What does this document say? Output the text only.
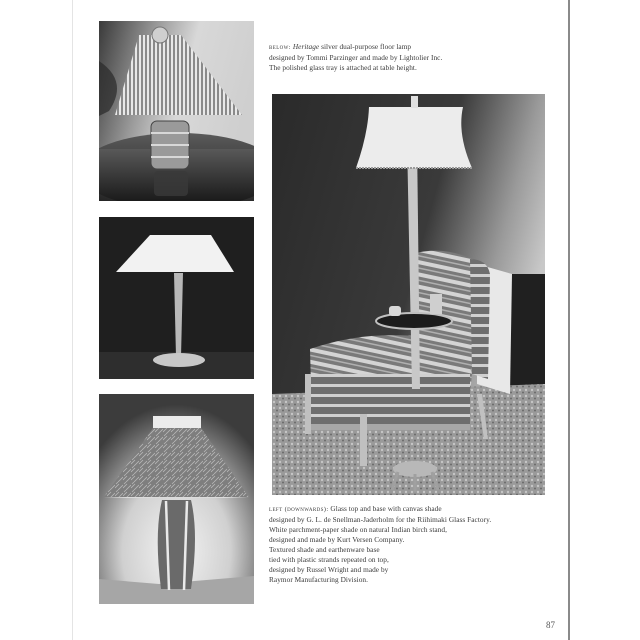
below: Heritage silver dual-purpose floor lamp
designed by Tommi Parzinger and made by Lightolier Inc.
The polished glass tray is attached at table height.
left (downwards): Glass top and base with canvas shade
designed by G. L. de Snellman-Jaderholm for the Riihimaki Glass Factory.
White parchment-paper shade on natural Indian birch stand,
designed and made by Kurt Versen Company.
Textured shade and earthenware base
tied with plastic strands repeated on top,
designed by Russel Wright and made by
Raymor Manufacturing Division.
87
